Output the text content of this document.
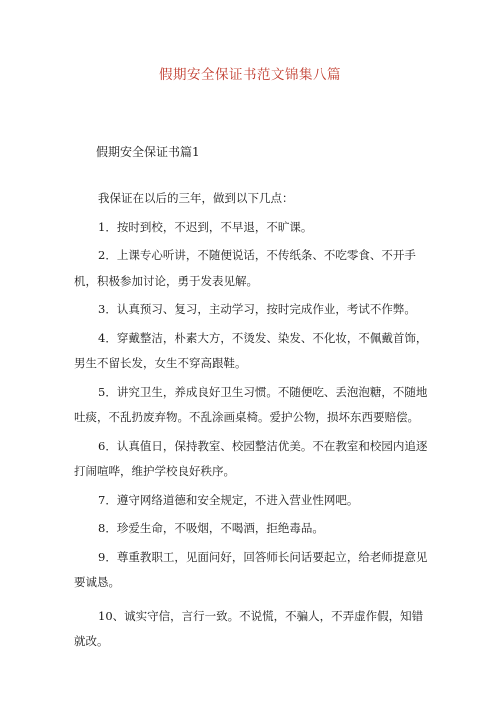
假期安全保证书范文锦集八篇
假期安全保证书篇1

我保证在以后的三年，做到以下几点：

1．按时到校，不迟到，不早退，不旷课。

2．上课专心听讲，不随便说话，不传纸条、不吃零食、不开手机，积极参加讨论，勇于发表见解。

3．认真预习、复习，主动学习，按时完成作业，考试不作弊。

4．穿戴整洁，朴素大方，不烫发、染发、不化妆，不佩戴首饰，男生不留长发，女生不穿高跟鞋。

5．讲究卫生，养成良好卫生习惯。不随便吃、丢泡泡糖，不随地吐痰，不乱扔废弃物。不乱涂画桌椅。爱护公物，损坏东西要赔偿。

6．认真值日，保持教室、校园整洁优美。不在教室和校园内追逐打闹喧哗，维护学校良好秩序。

7．遵守网络道德和安全规定，不进入营业性网吧。

8．珍爱生命，不吸烟，不喝酒，拒绝毒品。

9．尊重教职工，见面问好，回答师长问话要起立，给老师提意见要诚恳。

10、诚实守信，言行一致。不说慌，不骗人，不弄虚作假，知错就改。
